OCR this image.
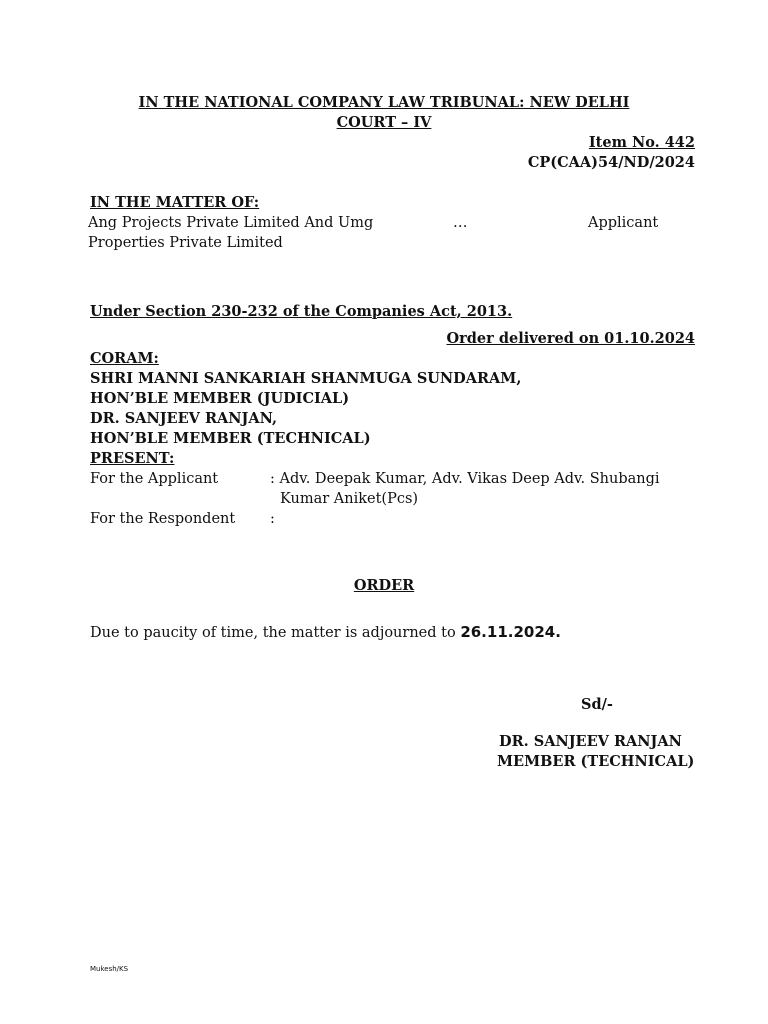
IN THE NATIONAL COMPANY LAW TRIBUNAL: NEW DELHI
COURT – IV
Item No. 442
CP(CAA)54/ND/2024
IN THE MATTER OF:
Ang Projects Private Limited And Umg
Properties Private Limited
…	Applicant
Under Section 230-232 of the Companies Act, 2013.
Order delivered on 01.10.2024
CORAM:
SHRI MANNI SANKARIAH SHANMUGA SUNDARAM,
HON’BLE MEMBER (JUDICIAL)
DR. SANJEEV RANJAN,
HON’BLE MEMBER (TECHNICAL)
PRESENT:
For the Applicant	: Adv. Deepak Kumar, Adv. Vikas Deep Adv. Shubangi
Kumar Aniket(Pcs)
For the Respondent :
ORDER
Due to paucity of time, the matter is adjourned to 26.11.2024.
Sd/-
DR. SANJEEV RANJAN
MEMBER (TECHNICAL)
Mukesh/KS
